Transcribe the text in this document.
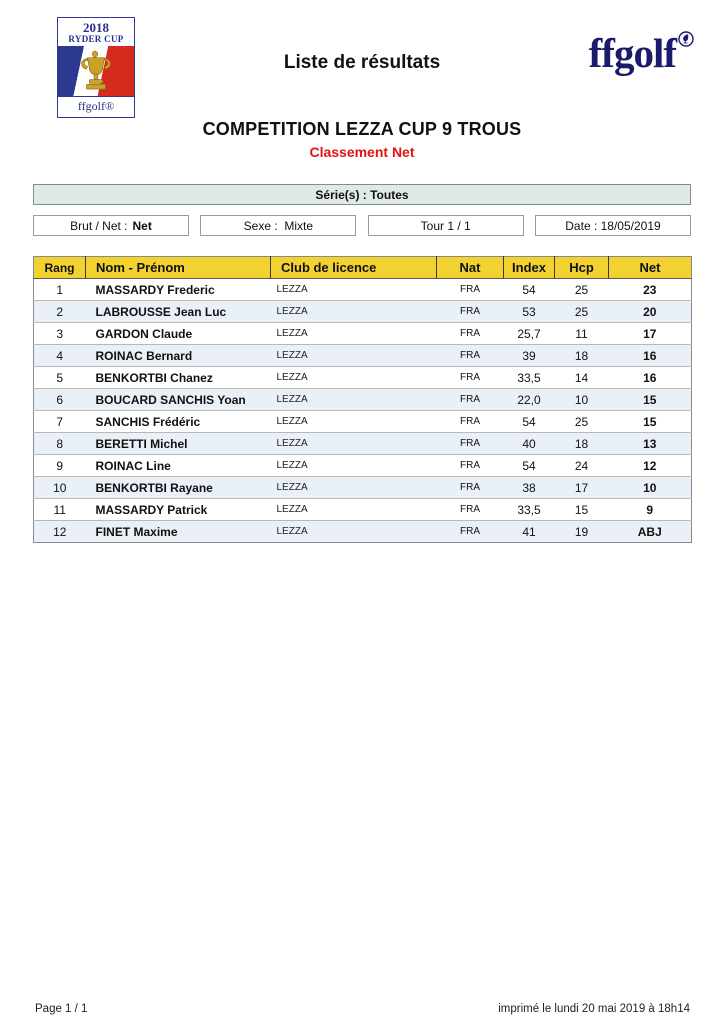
2018
RYDER CUP
ffgolf®
Liste de résultats	ffgolf
COMPETITION LEZZA CUP 9 TROUS
Classement Net
Série(s) : Toutes
Brut / Net : Net	Sexe :  Mixte	Tour 1 / 1	Date : 18/05/2019
Rang	Nom - Prénom	Club de licence	Nat	Index	Hcp	Net
1	MASSARDY Frederic	LEZZA	FRA	54	25	23
2	LABROUSSE Jean Luc	LEZZA	FRA	53	25	20
3	GARDON Claude	LEZZA	FRA	25,7	11	17
4	ROINAC Bernard	LEZZA	FRA	39	18	16
5	BENKORTBI Chanez	LEZZA	FRA	33,5	14	16
6	BOUCARD SANCHIS Yoan	LEZZA	FRA	22,0	10	15
7	SANCHIS Frédéric	LEZZA	FRA	54	25	15
8	BERETTI Michel	LEZZA	FRA	40	18	13
9	ROINAC Line	LEZZA	FRA	54	24	12
10	BENKORTBI Rayane	LEZZA	FRA	38	17	10
11	MASSARDY Patrick	LEZZA	FRA	33,5	15	9
12	FINET Maxime	LEZZA	FRA	41	19	ABJ
Page 1 / 1	imprimé le lundi 20 mai 2019 à 18h14
